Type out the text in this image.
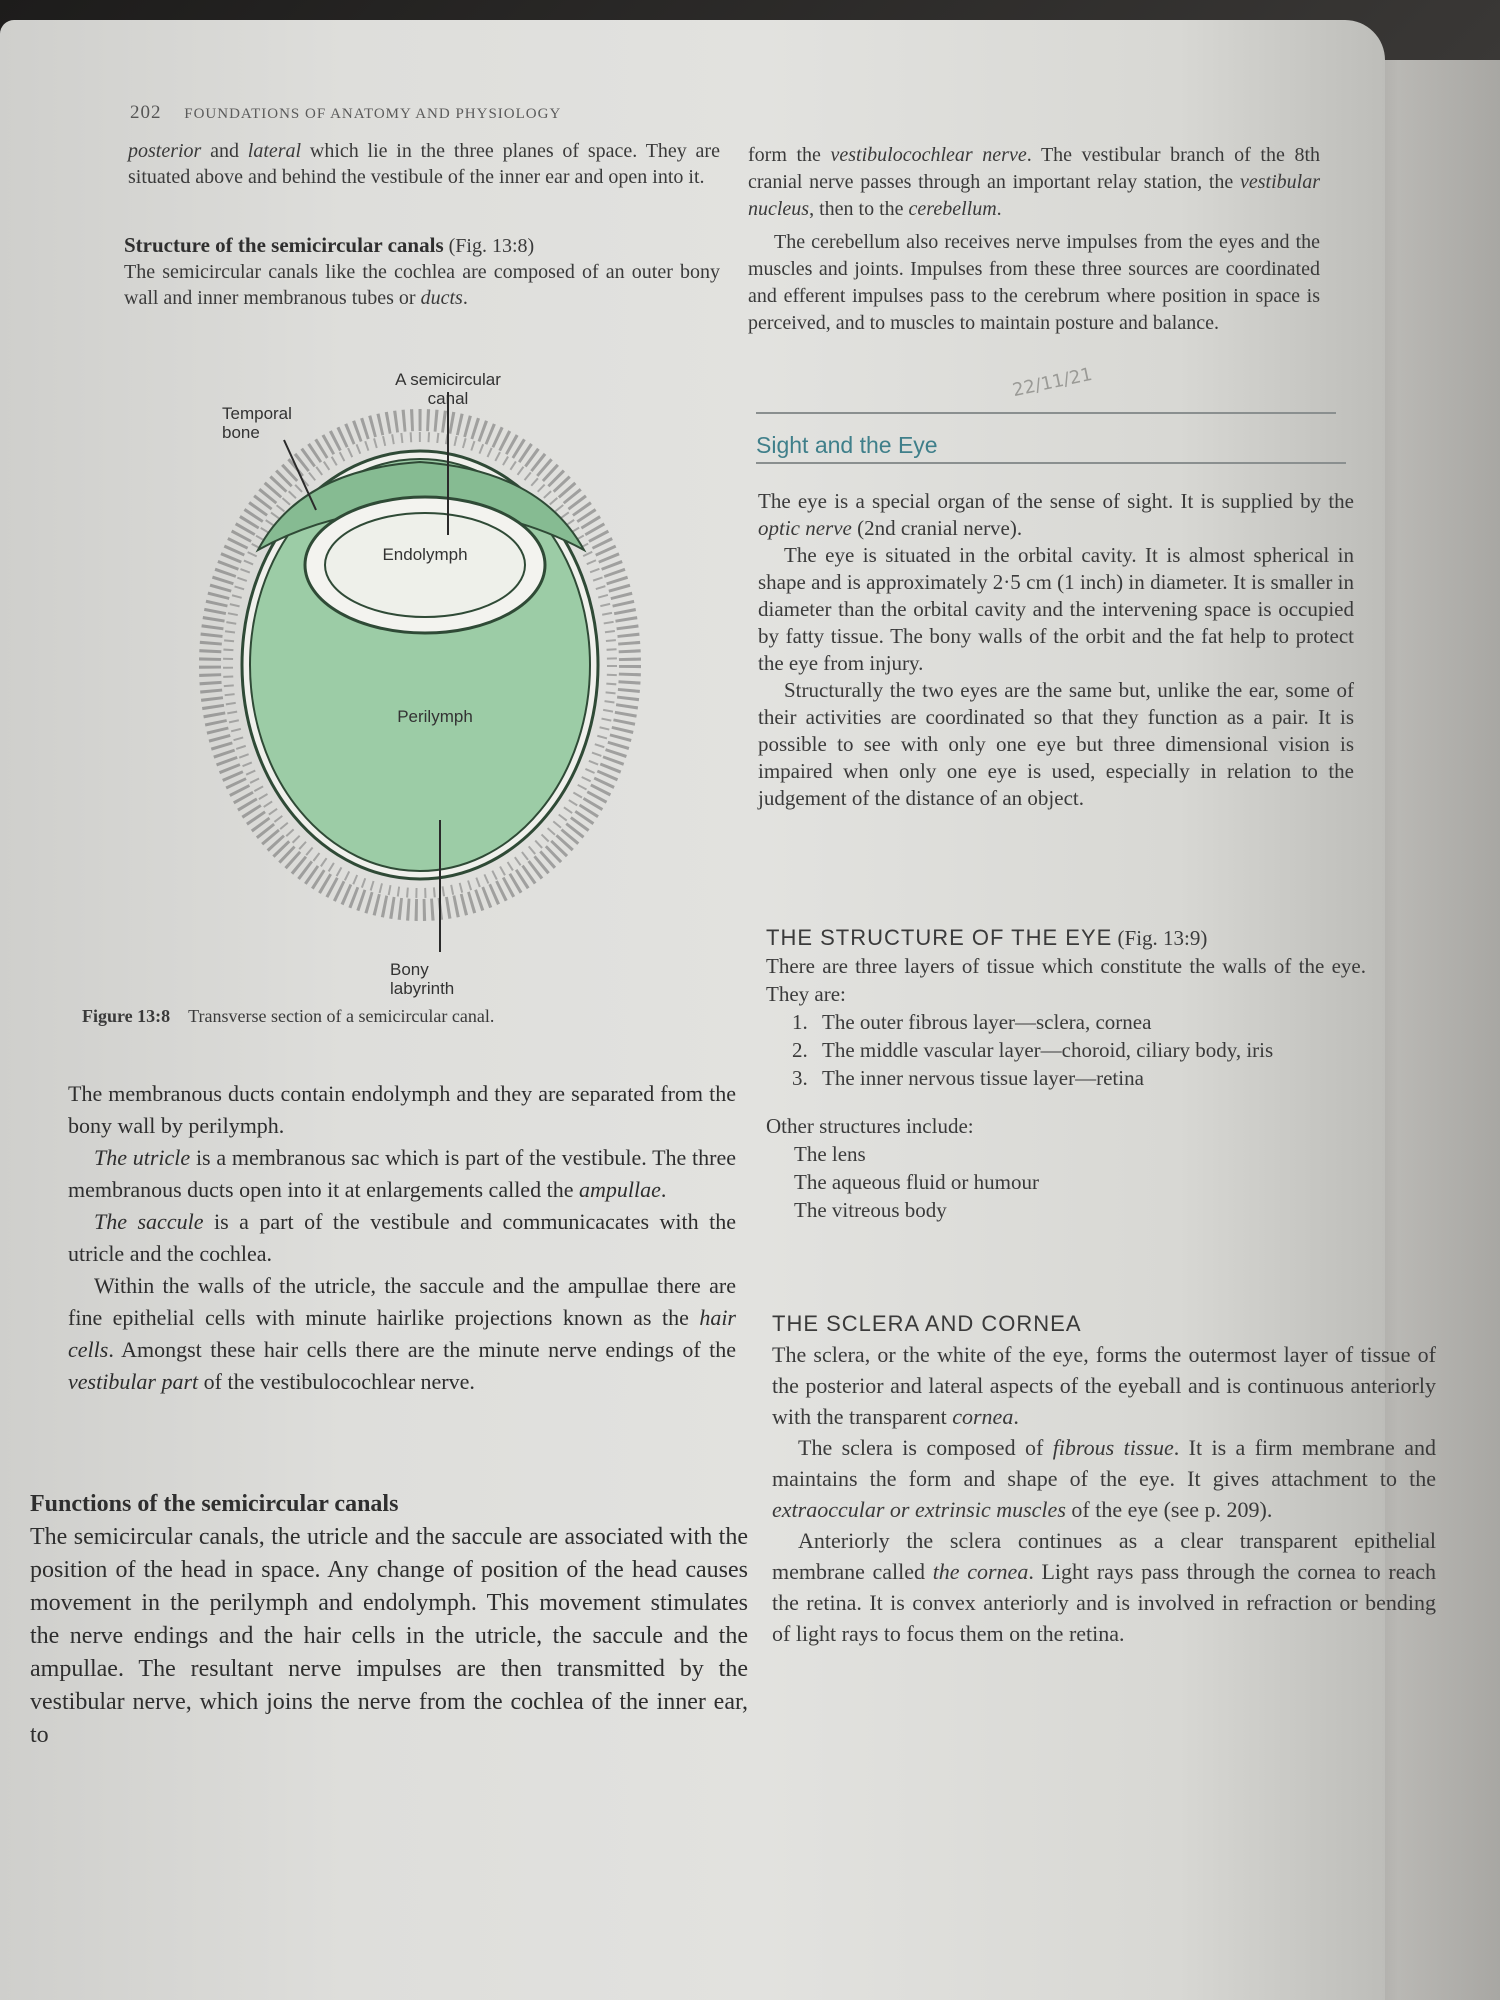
202 FOUNDATIONS OF ANATOMY AND PHYSIOLOGY

posterior and lateral which lie in the three planes of space. They are situated above and behind the vestibule of the inner ear and open into it.

Structure of the semicircular canals (Fig. 13:8)

The semicircular canals like the cochlea are composed of an outer bony wall and inner membranous tubes or ducts.

A semicircular canal
Temporal bone
Bony labyrinth
Endolymph
Perilymph
Figure 13:8 Transverse section of a semicircular canal.

The membranous ducts contain endolymph and they are separated from the bony wall by perilymph.

The utricle is a membranous sac which is part of the vestibule. The three membranous ducts open into it at enlargements called the ampullae.

The saccule is a part of the vestibule and communicacates with the utricle and the cochlea.

Within the walls of the utricle, the saccule and the ampullae there are fine epithelial cells with minute hairlike projections known as the hair cells. Amongst these hair cells there are the minute nerve endings of the vestibular part of the vestibulocochlear nerve.

Functions of the semicircular canals

The semicircular canals, the utricle and the saccule are associated with the position of the head in space. Any change of position of the head causes movement in the perilymph and endolymph. This movement stimulates the nerve endings and the hair cells in the utricle, the saccule and the ampullae. The resultant nerve impulses are then transmitted by the vestibular nerve, which joins the nerve from the cochlea of the inner ear, to

form the vestibulocochlear nerve. The vestibular branch of the 8th cranial nerve passes through an important relay station, the vestibular nucleus, then to the cerebellum.

The cerebellum also receives nerve impulses from the eyes and the muscles and joints. Impulses from these three sources are coordinated and efferent impulses pass to the cerebrum where position in space is perceived, and to muscles to maintain posture and balance.

22/11/21
Sight and the Eye

The eye is a special organ of the sense of sight. It is supplied by the optic nerve (2nd cranial nerve).

The eye is situated in the orbital cavity. It is almost spherical in shape and is approximately 2·5 cm (1 inch) in diameter. It is smaller in diameter than the orbital cavity and the intervening space is occupied by fatty tissue. The bony walls of the orbit and the fat help to protect the eye from injury.

Structurally the two eyes are the same but, unlike the ear, some of their activities are coordinated so that they function as a pair. It is possible to see with only one eye but three dimensional vision is impaired when only one eye is used, especially in relation to the judgement of the distance of an object.

THE STRUCTURE OF THE EYE (Fig. 13:9)

There are three layers of tissue which constitute the walls of the eye. They are:

1. The outer fibrous layer—sclera, cornea
2. The middle vascular layer—choroid, ciliary body, iris
3. The inner nervous tissue layer—retina

Other structures include:

The lens
The aqueous fluid or humour
The vitreous body
THE SCLERA AND CORNEA

The sclera, or the white of the eye, forms the outermost layer of tissue of the posterior and lateral aspects of the eyeball and is continuous anteriorly with the transparent cornea.

The sclera is composed of fibrous tissue. It is a firm membrane and maintains the form and shape of the eye. It gives attachment to the extraoccular or extrinsic muscles of the eye (see p. 209).

Anteriorly the sclera continues as a clear transparent epithelial membrane called the cornea. Light rays pass through the cornea to reach the retina. It is convex anteriorly and is involved in refraction or bending of light rays to focus them on the retina.
